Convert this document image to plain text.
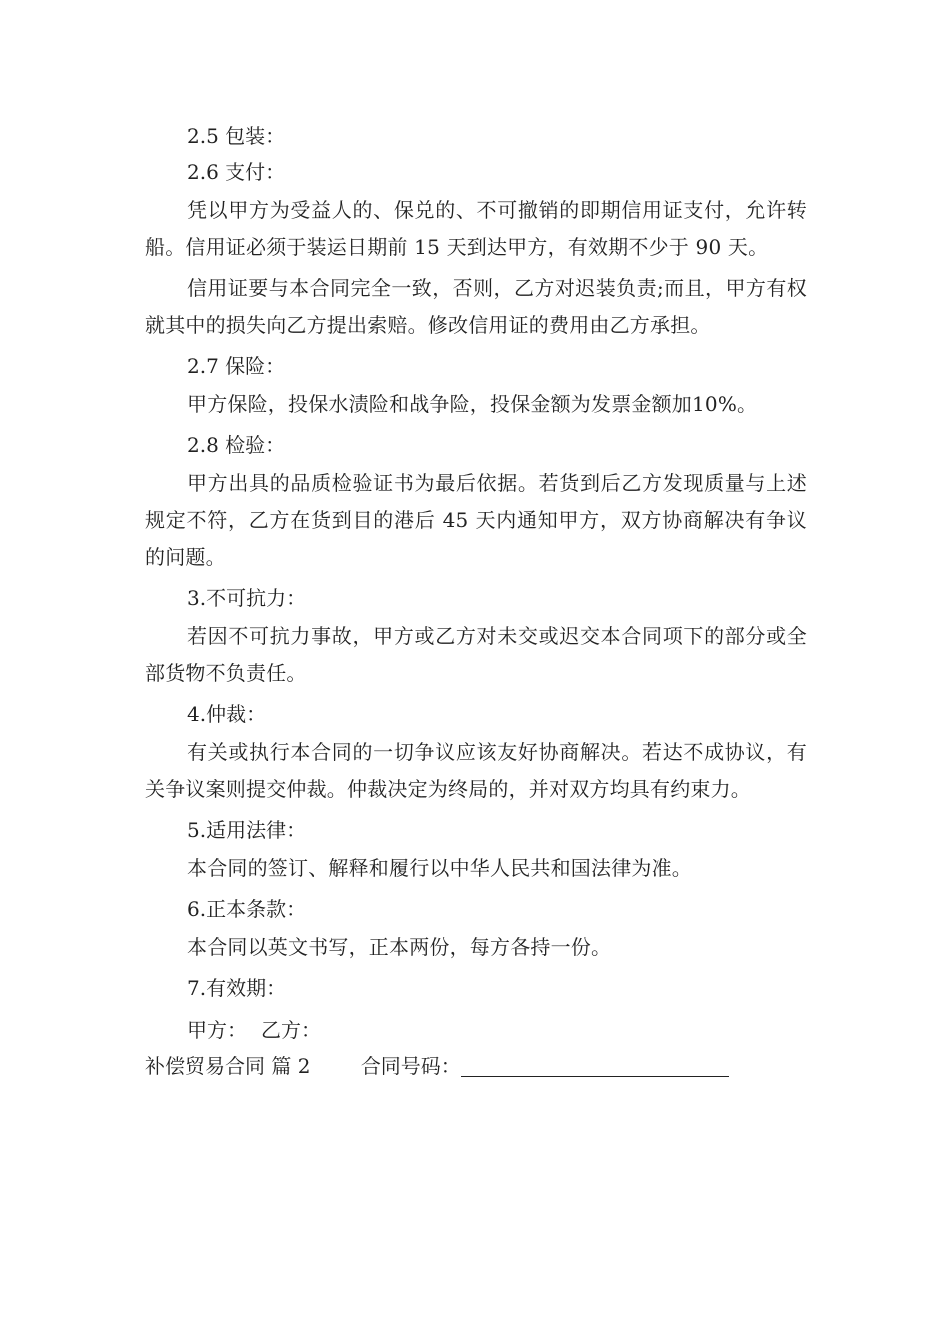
2.5 包装：

2.6 支付：

凭以甲方为受益人的、保兑的、不可撤销的即期信用证支付，允许转船。信用证必须于装运日期前 15 天到达甲方，有效期不少于 90 天。

信用证要与本合同完全一致，否则，乙方对迟装负责;而且，甲方有权就其中的损失向乙方提出索赔。修改信用证的费用由乙方承担。

2.7 保险：

甲方保险，投保水渍险和战争险，投保金额为发票金额加10%。

2.8 检验：

甲方出具的品质检验证书为最后依据。若货到后乙方发现质量与上述规定不符，乙方在货到目的港后 45 天内通知甲方，双方协商解决有争议的问题。

3.不可抗力：

若因不可抗力事故，甲方或乙方对未交或迟交本合同项下的部分或全部货物不负责任。

4.仲裁：

有关或执行本合同的一切争议应该友好协商解决。若达不成协议，有关争议案则提交仲裁。仲裁决定为终局的，并对双方均具有约束力。

5.适用法律：

本合同的签订、解释和履行以中华人民共和国法律为准。

6.正本条款：

本合同以英文书写，正本两份，每方各持一份。

7.有效期：

甲方： 乙方：

补偿贸易合同 篇 2	合同号码：
